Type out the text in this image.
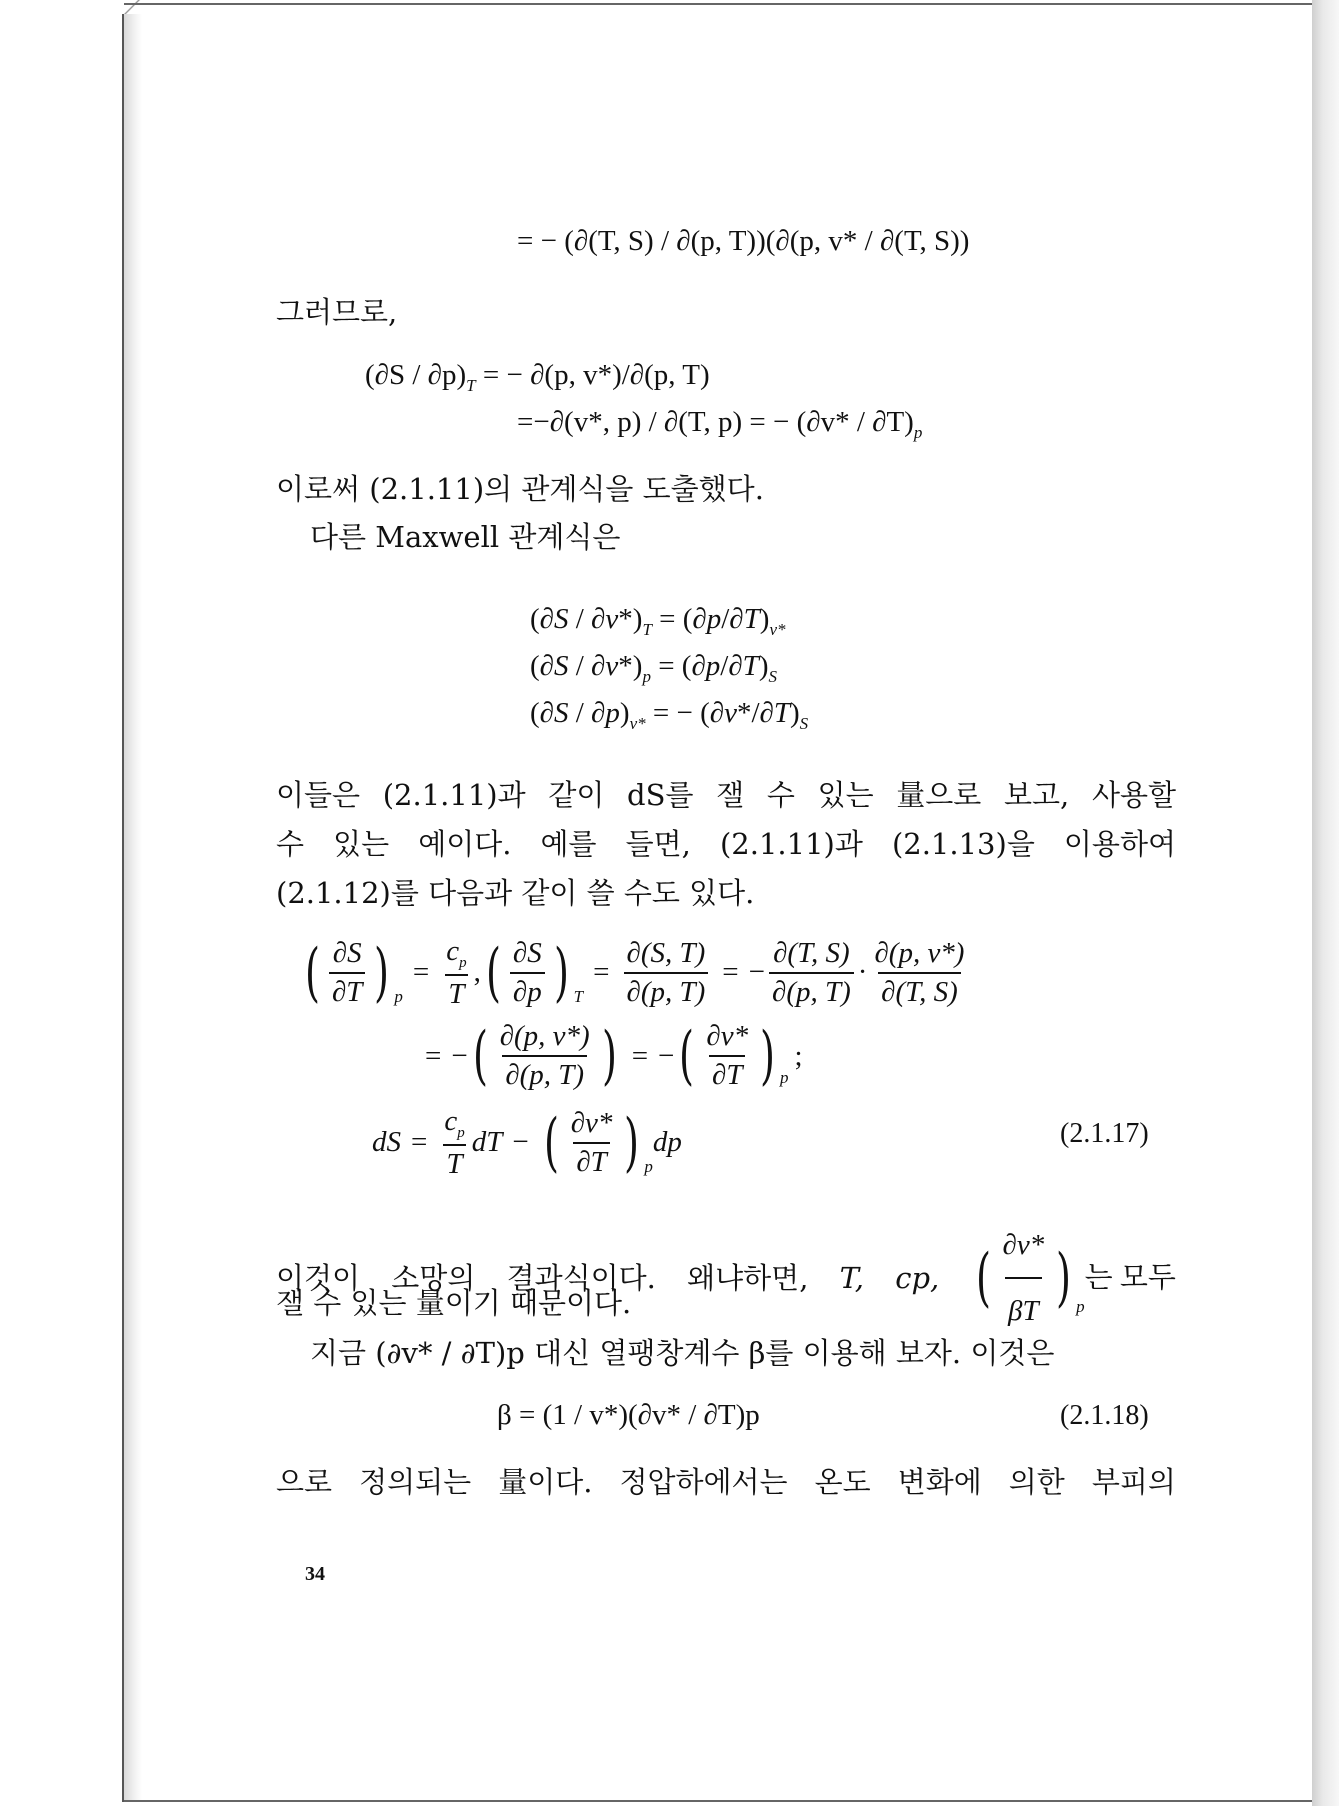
= − (∂(T, S) / ∂(p, T))(∂(p, v* / ∂(T, S))
그러므로,
$(\partial S / \partial p)_T$ = − ∂(p, v*)/∂(p, T)
=−∂(v*, p) / ∂(T, p) = − $(\partial v* / \partial T)_p$
이로써 (2.1.11)의 관계식을 도출했다.
다른 Maxwell 관계식은
$(\partial S / \partial v*)_T = (\partial p/\partial T)_{v*}$
$(\partial S / \partial v*)_p = (\partial p/\partial T)_S$
$(\partial S / \partial p)_{v*}$ = − $(\partial v*/\partial T)_S$
이들은 (2.1.11)과 같이 dS를 잴 수 있는 量으로 보고, 사용할
수 있는 예이다. 예를 들면, (2.1.11)과 (2.1.13)을 이용하여
(2.1.12)를 다음과 같이 쓸 수도 있다.
( $\frac{\partial S}{\partial T}$ ) p
= $\frac{c_p}{T}$ , ( $\frac{\partial S}{\partial p}$ ) T
= $\frac{\partial(S, T)}{\partial(p, T)}$ = − $\frac{\partial(T, S)}{\partial(p, T)} \cdot \frac{\partial(p, v*)}{\partial(T, S)}$
= − ( $\frac{\partial(p, v*)}{\partial(p, T)}$ ) = − ( $\frac{\partial v*}{\partial T}$ ) p
;
dS = $\frac{c_p}{T}$ dT − ( $\frac{\partial v*}{\partial T}$ ) p
dp	(2.1.17)
이것이 소망의 결과식이다. 왜냐하면, T, cp, ( $\frac{\partial v*}{\beta T}$ ) p
는 모두
잴 수 있는 量이기 때문이다.
지금 (∂v* / ∂T)p 대신 열팽창계수 β를 이용해 보자. 이것은
β = (1 / v*)(∂v* / ∂T)p	(2.1.18)
으로 정의되는 量이다. 정압하에서는 온도 변화에 의한 부피의
34
